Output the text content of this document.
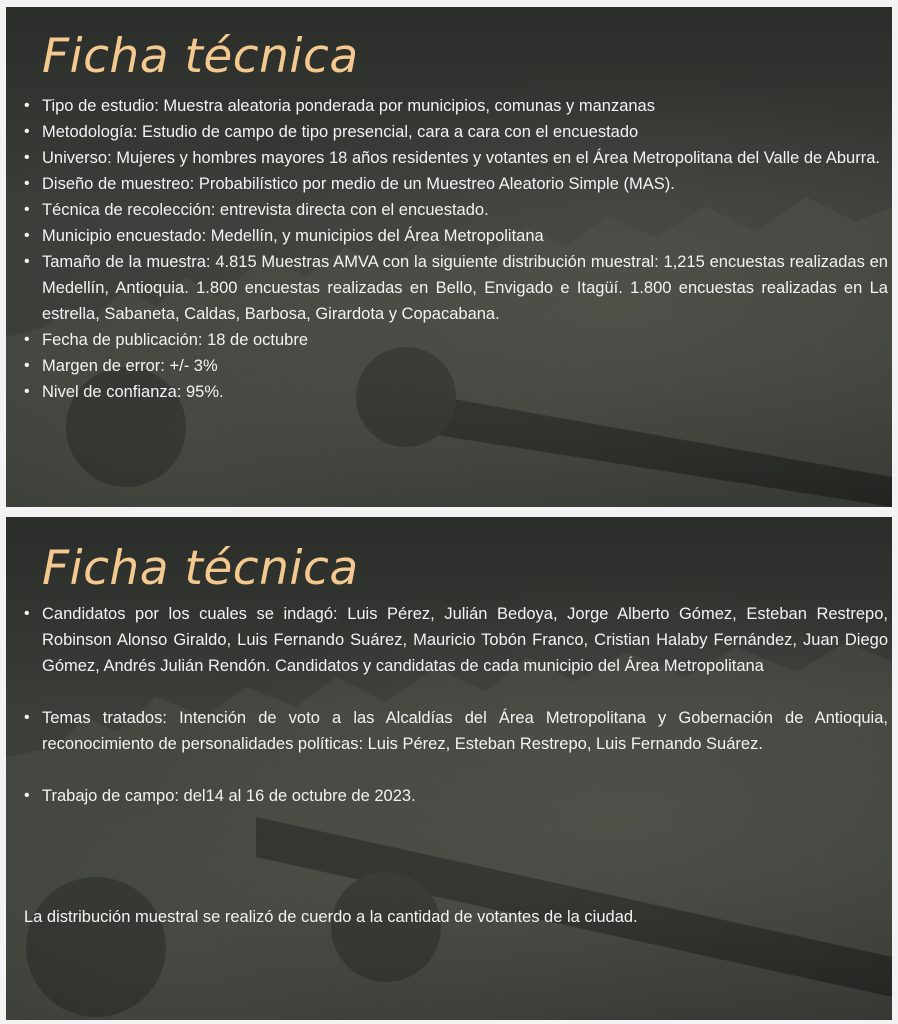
Ficha técnica
• Tipo de estudio: Muestra aleatoria ponderada por municipios, comunas y manzanas
• Metodología: Estudio de campo de tipo presencial, cara a cara con el encuestado
• Universo: Mujeres y hombres mayores 18 años residentes y votantes en el Área Metropolitana del Valle de Aburra.
• Diseño de muestreo: Probabilístico por medio de un Muestreo Aleatorio Simple (MAS).
• Técnica de recolección: entrevista directa con el encuestado.
• Municipio encuestado: Medellín, y municipios del Área Metropolitana
• Tamaño de la muestra: 4.815 Muestras AMVA con la siguiente distribución muestral: 1,215 encuestas realizadas en Medellín, Antioquia. 1.800 encuestas realizadas en Bello, Envigado e Itagüí. 1.800 encuestas realizadas en La estrella, Sabaneta, Caldas, Barbosa, Girardota y Copacabana.
• Fecha de publicación: 18 de octubre
• Margen de error: +/- 3%
• Nivel de confianza: 95%.
Ficha técnica
• Candidatos por los cuales se indagó: Luis Pérez, Julián Bedoya, Jorge Alberto Gómez, Esteban Restrepo, Robinson Alonso Giraldo, Luis Fernando Suárez, Mauricio Tobón Franco, Cristian Halaby Fernández, Juan Diego Gómez, Andrés Julián Rendón. Candidatos y candidatas de cada municipio del Área Metropolitana
• Temas tratados: Intención de voto a las Alcaldías del Área Metropolitana y Gobernación de Antioquia, reconocimiento de personalidades políticas: Luis Pérez, Esteban Restrepo, Luis Fernando Suárez.
• Trabajo de campo: del14 al 16 de octubre de 2023.

La distribución muestral se realizó de cuerdo a la cantidad de votantes de la ciudad.
